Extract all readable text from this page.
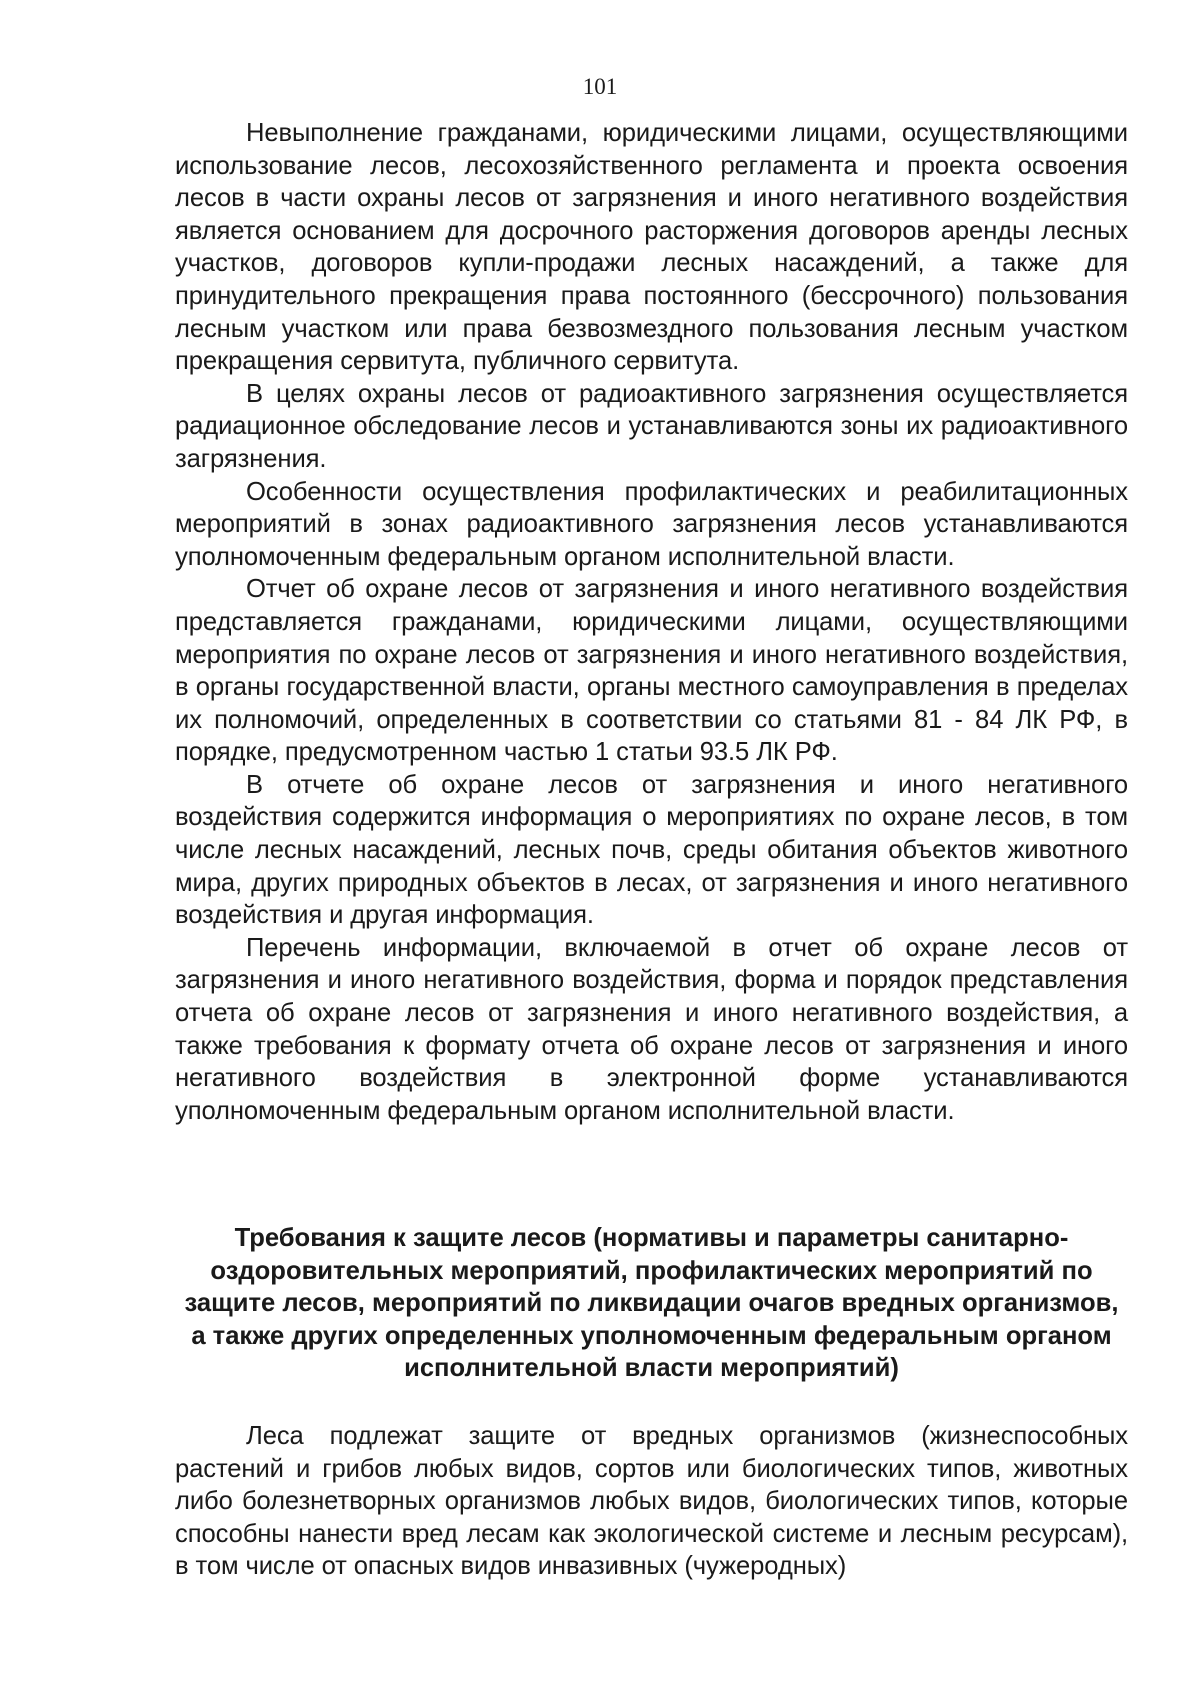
101

Невыполнение гражданами, юридическими лицами, осуществляющими использование лесов, лесохозяйственного регламента и проекта освоения лесов в части охраны лесов от загрязнения и иного негативного воздействия является основанием для досрочного расторжения договоров аренды лесных участков, договоров купли-продажи лесных насаждений, а также для принудительного прекращения права постоянного (бессрочного) пользования лесным участком или права безвозмездного пользования лесным участком прекращения сервитута, публичного сервитута.

В целях охраны лесов от радиоактивного загрязнения осуществляется радиационное обследование лесов и устанавливаются зоны их радиоактивного загрязнения.

Особенности осуществления профилактических и реабилитационных мероприятий в зонах радиоактивного загрязнения лесов устанавливаются уполномоченным федеральным органом исполнительной власти.

Отчет об охране лесов от загрязнения и иного негативного воздействия представляется гражданами, юридическими лицами, осуществляющими мероприятия по охране лесов от загрязнения и иного негативного воздействия, в органы государственной власти, органы местного самоуправления в пределах их полномочий, определенных в соответствии со статьями 81 - 84 ЛК РФ, в порядке, предусмотренном частью 1 статьи 93.5 ЛК РФ.

В отчете об охране лесов от загрязнения и иного негативного воздействия содержится информация о мероприятиях по охране лесов, в том числе лесных насаждений, лесных почв, среды обитания объектов животного мира, других природных объектов в лесах, от загрязнения и иного негативного воздействия и другая информация.

Перечень информации, включаемой в отчет об охране лесов от загрязнения и иного негативного воздействия, форма и порядок представления отчета об охране лесов от загрязнения и иного негативного воздействия, а также требования к формату отчета об охране лесов от загрязнения и иного негативного воздействия в электронной форме устанавливаются уполномоченным федеральным органом исполнительной власти.

Требования к защите лесов (нормативы и параметры санитарно-оздоровительных мероприятий, профилактических мероприятий по защите лесов, мероприятий по ликвидации очагов вредных организмов, а также других определенных уполномоченным федеральным органом исполнительной власти мероприятий)

Леса подлежат защите от вредных организмов (жизнеспособных растений и грибов любых видов, сортов или биологических типов, животных либо болезнетворных организмов любых видов, биологических типов, которые способны нанести вред лесам как экологической системе и лесным ресурсам), в том числе от опасных видов инвазивных (чужеродных)
